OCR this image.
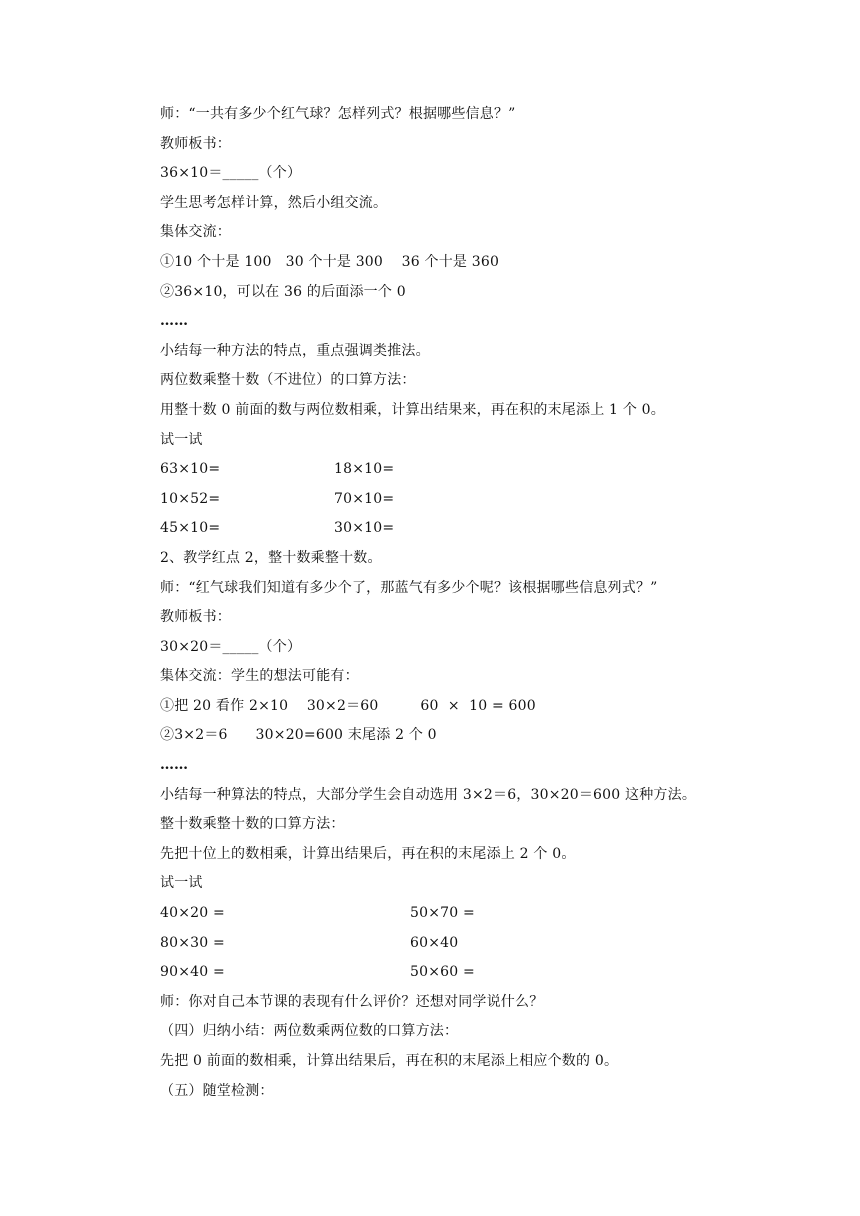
师：“一共有多少个红气球？怎样列式？根据哪些信息？”
教师板书：
36×10＝_____（个）
学生思考怎样计算，然后小组交流。
集体交流：
①10 个十是 100   30 个十是 300    36 个十是 360
②36×10，可以在 36 的后面添一个 0
……
小结每一种方法的特点，重点强调类推法。
两位数乘整十数（不进位）的口算方法：
用整十数 0 前面的数与两位数相乘，计算出结果来，再在积的末尾添上 1 个 0。
试一试
63×10=	18×10=
10×52=	70×10=
45×10=	30×10=
2、教学红点 2，整十数乘整十数。
师：“红气球我们知道有多少个了，那蓝气有多少个呢？该根据哪些信息列式？”
教师板书：
30×20＝_____（个）
集体交流：学生的想法可能有：
①把 20 看作 2×10    30×2＝60         60  ×  10 = 600
②3×2＝6      30×20=600 末尾添 2 个 0
……
小结每一种算法的特点，大部分学生会自动选用 3×2＝6，30×20＝600 这种方法。
整十数乘整十数的口算方法：
先把十位上的数相乘，计算出结果后，再在积的末尾添上 2 个 0。
试一试
40×20 =	50×70 =
80×30 =	60×40
90×40 =	50×60 =
师：你对自己本节课的表现有什么评价？还想对同学说什么？
（四）归纳小结：两位数乘两位数的口算方法：
先把 0 前面的数相乘，计算出结果后，再在积的末尾添上相应个数的 0。
（五）随堂检测：
